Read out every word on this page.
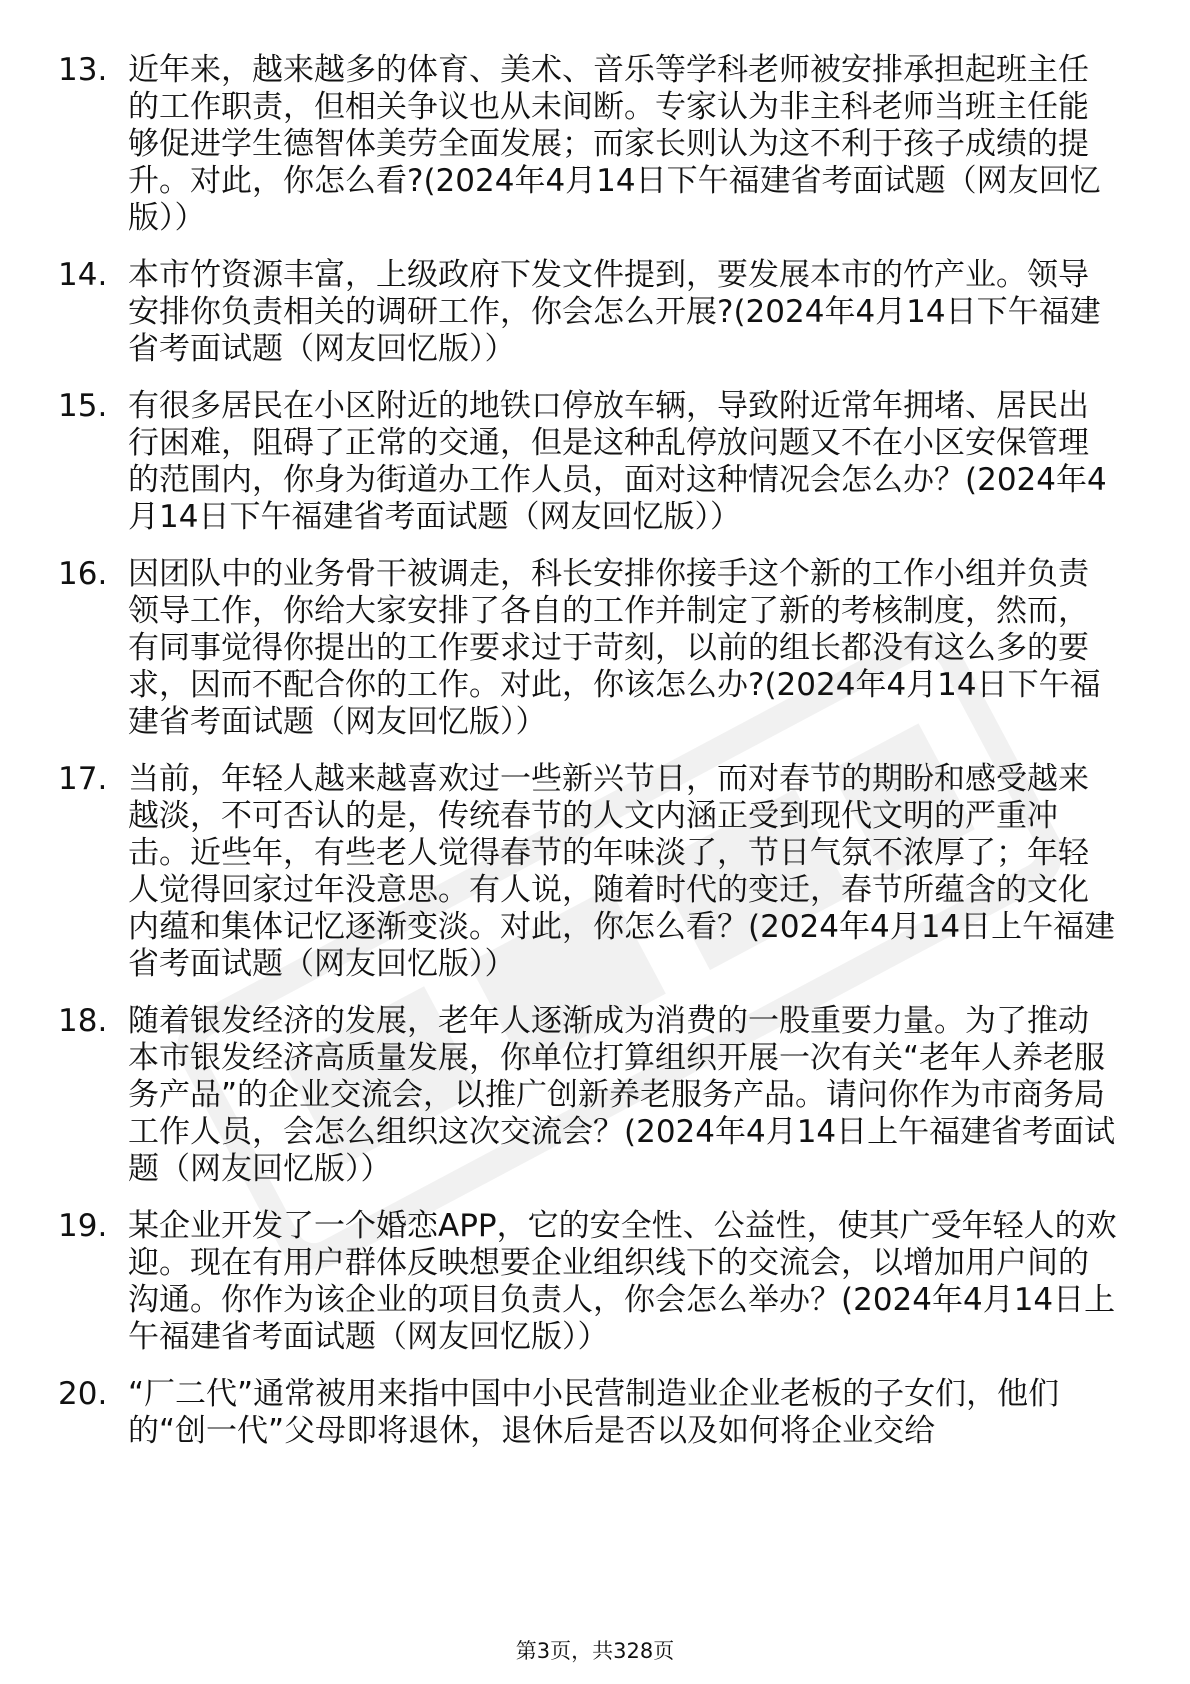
13. 近年来，越来越多的体育、美术、音乐等学科老师被安排承担起班主任的工作职责，但相关争议也从未间断。专家认为非主科老师当班主任能够促进学生德智体美劳全面发展；而家长则认为这不利于孩子成绩的提升。对此，你怎么看?(2024年4月14日下午福建省考面试题（网友回忆版））
14. 本市竹资源丰富，上级政府下发文件提到，要发展本市的竹产业。领导安排你负责相关的调研工作，你会怎么开展?(2024年4月14日下午福建省考面试题（网友回忆版））
15. 有很多居民在小区附近的地铁口停放车辆，导致附近常年拥堵、居民出行困难，阻碍了正常的交通，但是这种乱停放问题又不在小区安保管理的范围内，你身为街道办工作人员，面对这种情况会怎么办？(2024年4月14日下午福建省考面试题（网友回忆版））
16. 因团队中的业务骨干被调走，科长安排你接手这个新的工作小组并负责领导工作，你给大家安排了各自的工作并制定了新的考核制度，然而，有同事觉得你提出的工作要求过于苛刻，以前的组长都没有这么多的要求，因而不配合你的工作。对此，你该怎么办?(2024年4月14日下午福建省考面试题（网友回忆版））
17. 当前，年轻人越来越喜欢过一些新兴节日，而对春节的期盼和感受越来越淡，不可否认的是，传统春节的人文内涵正受到现代文明的严重冲击。近些年，有些老人觉得春节的年味淡了，节日气氛不浓厚了；年轻人觉得回家过年没意思。有人说，随着时代的变迁，春节所蕴含的文化内蕴和集体记忆逐渐变淡。对此，你怎么看？(2024年4月14日上午福建省考面试题（网友回忆版））
18. 随着银发经济的发展，老年人逐渐成为消费的一股重要力量。为了推动本市银发经济高质量发展，你单位打算组织开展一次有关“老年人养老服务产品”的企业交流会，以推广创新养老服务产品。请问你作为市商务局工作人员，会怎么组织这次交流会？(2024年4月14日上午福建省考面试题（网友回忆版））
19. 某企业开发了一个婚恋APP，它的安全性、公益性，使其广受年轻人的欢迎。现在有用户群体反映想要企业组织线下的交流会，以增加用户间的沟通。你作为该企业的项目负责人，你会怎么举办？(2024年4月14日上午福建省考面试题（网友回忆版））
20. “厂二代”通常被用来指中国中小民营制造业企业老板的子女们，他们的“创一代”父母即将退休，退休后是否以及如何将企业交给
第3页，共328页
